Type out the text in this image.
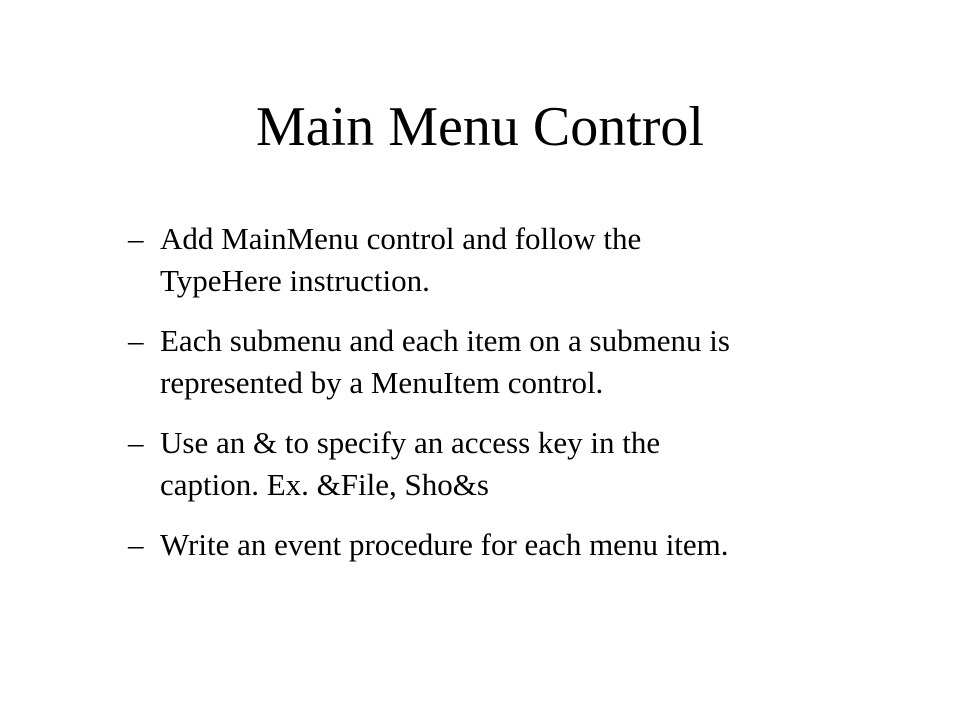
Main Menu Control
– Add MainMenu control and follow the
TypeHere instruction.
– Each submenu and each item on a submenu is
represented by a MenuItem control.
– Use an & to specify an access key in the
caption. Ex. &File, Sho&s
– Write an event procedure for each menu item.
